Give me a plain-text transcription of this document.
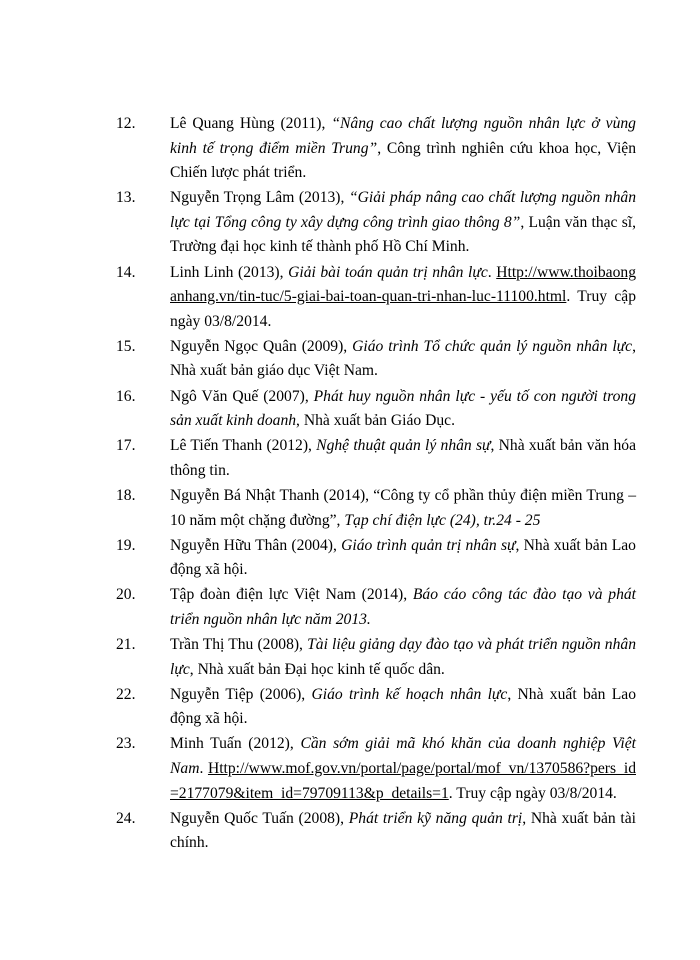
12.	Lê Quang Hùng (2011), “Nâng cao chất lượng nguồn nhân lực ở vùng kinh tế trọng điểm miền Trung”, Công trình nghiên cứu khoa học, Viện Chiến lược phát triển.
13.	Nguyễn Trọng Lâm (2013), “Giải pháp nâng cao chất lượng nguồn nhân lực tại Tổng công ty xây dựng công trình giao thông 8”, Luận văn thạc sĩ, Trường đại học kinh tế thành phố Hồ Chí Minh.
14.	Linh Linh (2013), Giải bài toán quản trị nhân lực. Http://www.thoibaonganhang.vn/tin-tuc/5-giai-bai-toan-quan-tri-nhan-luc-11100.html. Truy cập ngày 03/8/2014.
15.	Nguyễn Ngọc Quân (2009), Giáo trình Tổ chức quản lý nguồn nhân lực, Nhà xuất bản giáo dục Việt Nam.
16.	Ngô Văn Quế (2007), Phát huy nguồn nhân lực - yếu tố con người trong sản xuất kinh doanh, Nhà xuất bản Giáo Dục.
17.	Lê Tiến Thanh (2012), Nghệ thuật quản lý nhân sự, Nhà xuất bản văn hóa thông tin.
18.	Nguyễn Bá Nhật Thanh (2014), “Công ty cổ phần thủy điện miền Trung – 10 năm một chặng đường”, Tạp chí điện lực (24), tr.24 - 25
19.	Nguyễn Hữu Thân (2004), Giáo trình quản trị nhân sự, Nhà xuất bản Lao động xã hội.
20.	Tập đoàn điện lực Việt Nam (2014), Báo cáo công tác đào tạo và phát triển nguồn nhân lực năm 2013.
21.	Trần Thị Thu (2008), Tài liệu giảng dạy đào tạo và phát triển nguồn nhân lực, Nhà xuất bản Đại học kinh tế quốc dân.
22.	Nguyễn Tiệp (2006), Giáo trình kế hoạch nhân lực, Nhà xuất bản Lao động xã hội.
23.	Minh Tuấn (2012), Cần sớm giải mã khó khăn của doanh nghiệp Việt Nam. Http://www.mof.gov.vn/portal/page/portal/mof_vn/1370586?pers_id=2177079&item_id=79709113&p_details=1. Truy cập ngày 03/8/2014.
24.	Nguyễn Quốc Tuấn (2008), Phát triển kỹ năng quản trị, Nhà xuất bản tài chính.
